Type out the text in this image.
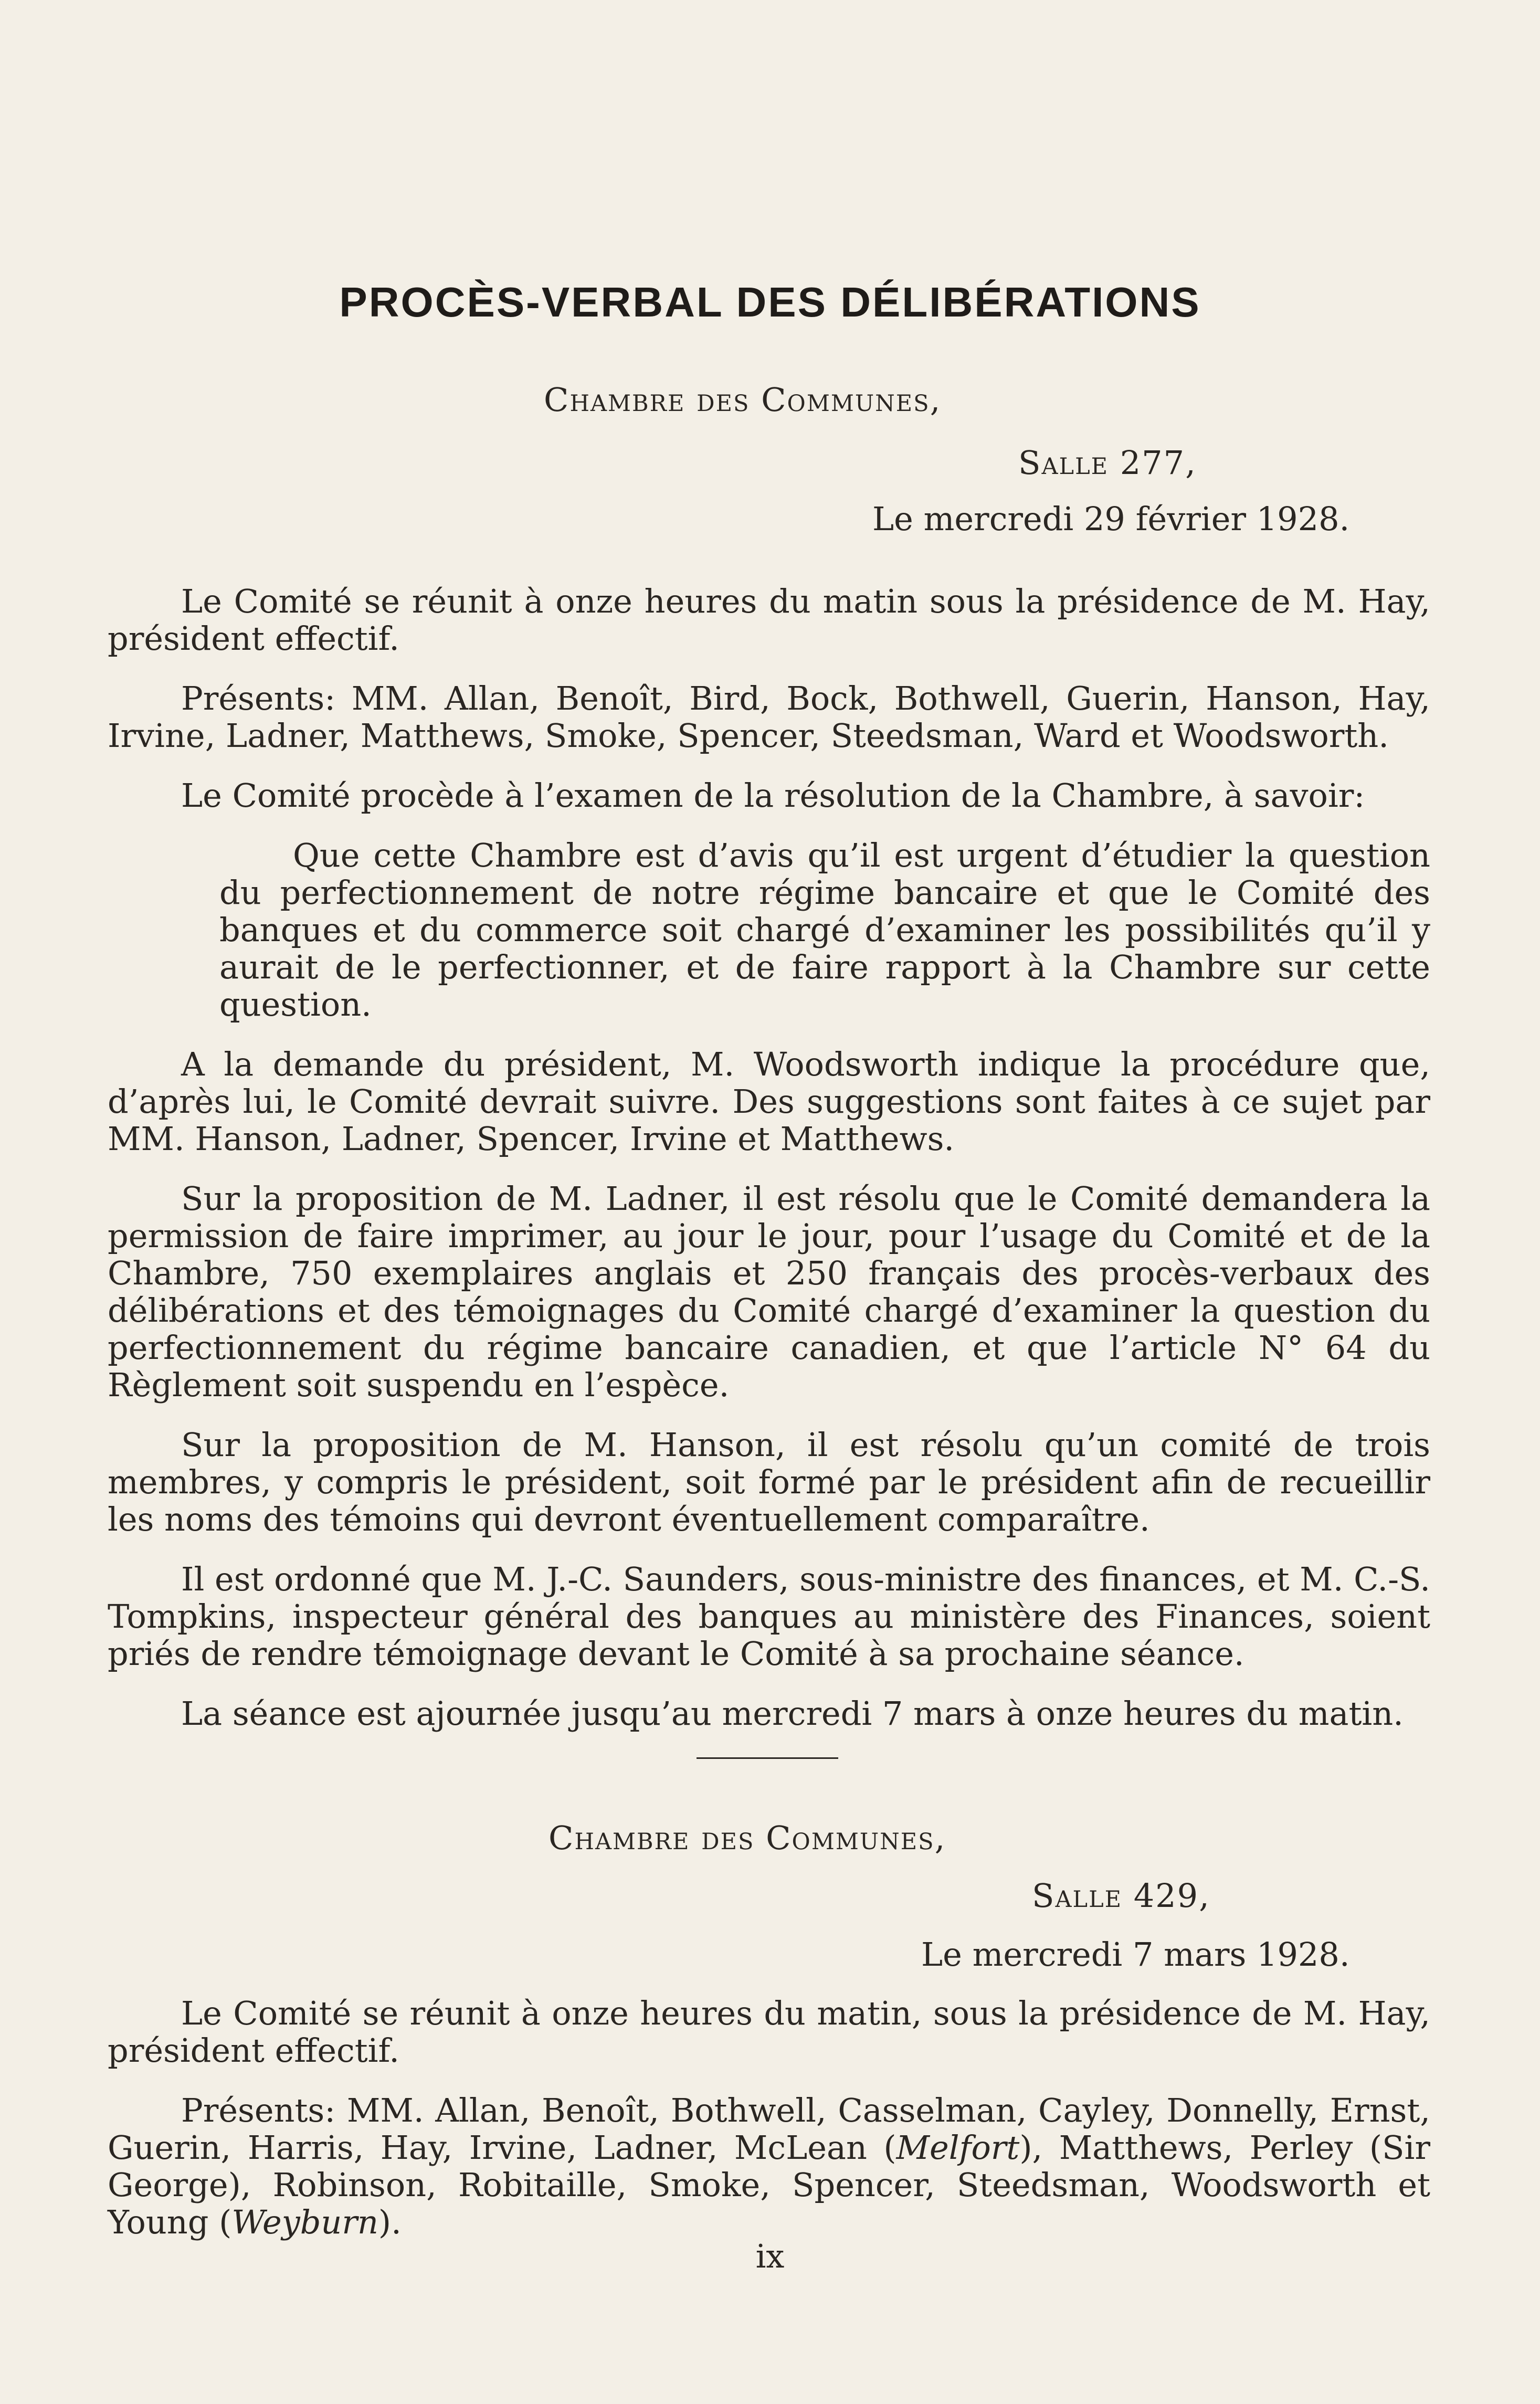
PROCÈS-VERBAL DES DÉLIBÉRATIONS
Chambre des Communes,
Salle 277,
Le mercredi 29 février 1928.

Le Comité se réunit à onze heures du matin sous la présidence de M. Hay, président effectif.

Présents: MM. Allan, Benoît, Bird, Bock, Bothwell, Guerin, Hanson, Hay, Irvine, Ladner, Matthews, Smoke, Spencer, Steedsman, Ward et Woodsworth.

Le Comité procède à l’examen de la résolution de la Chambre, à savoir:

Que cette Chambre est d’avis qu’il est urgent d’étudier la question du perfectionnement de notre régime bancaire et que le Comité des banques et du commerce soit chargé d’examiner les possibilités qu’il y aurait de le perfectionner, et de faire rapport à la Chambre sur cette question.

A la demande du président, M. Woodsworth indique la procédure que, d’après lui, le Comité devrait suivre. Des suggestions sont faites à ce sujet par MM. Hanson, Ladner, Spencer, Irvine et Matthews.

Sur la proposition de M. Ladner, il est résolu que le Comité demandera la permission de faire imprimer, au jour le jour, pour l’usage du Comité et de la Chambre, 750 exemplaires anglais et 250 français des procès-verbaux des délibérations et des témoignages du Comité chargé d’examiner la question du perfectionnement du régime bancaire canadien, et que l’article N° 64 du Règlement soit suspendu en l’espèce.

Sur la proposition de M. Hanson, il est résolu qu’un comité de trois membres, y compris le président, soit formé par le président afin de recueillir les noms des témoins qui devront éventuellement comparaître.

Il est ordonné que M. J.-C. Saunders, sous-ministre des finances, et M. C.-S. Tompkins, inspecteur général des banques au ministère des Finances, soient priés de rendre témoignage devant le Comité à sa prochaine séance.

La séance est ajournée jusqu’au mercredi 7 mars à onze heures du matin.

Chambre des Communes,
Salle 429,
Le mercredi 7 mars 1928.

Le Comité se réunit à onze heures du matin, sous la présidence de M. Hay, président effectif.

Présents: MM. Allan, Benoît, Bothwell, Casselman, Cayley, Donnelly, Ernst, Guerin, Harris, Hay, Irvine, Ladner, McLean (Melfort), Matthews, Perley (Sir George), Robinson, Robitaille, Smoke, Spencer, Steedsman, Woodsworth et Young (Weyburn).

ix
